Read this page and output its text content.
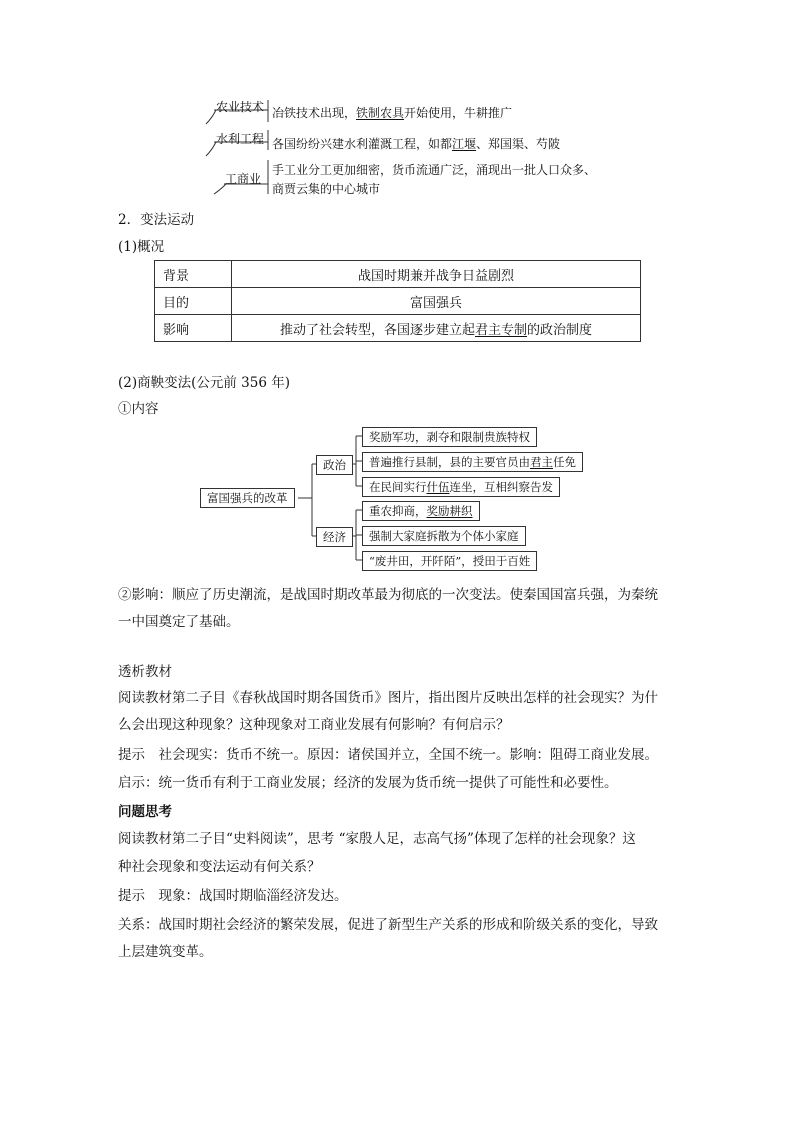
农业技术 冶铁技术出现，铁制农具开始使用，牛耕推广
水利工程 各国纷纷兴建水利灌溉工程，如都江堰、郑国渠、芍陂
工商业
手工业分工更加细密，货币流通广泛，涌现出一批人口众多、
商贾云集的中心城市
2．变法运动
(1)概况
背景	战国时期兼并战争日益剧烈
目的	富国强兵
影响	推动了社会转型，各国逐步建立起君主专制的政治制度
(2)商鞅变法(公元前 356 年)
①内容
富国强兵的改革
政治
经济
奖励军功，剥夺和限制贵族特权
普遍推行县制，县的主要官员由君主任免
在民间实行什伍连坐，互相纠察告发
重农抑商，奖励耕织
强制大家庭拆散为个体小家庭
“废井田，开阡陌”，授田于百姓
②影响：顺应了历史潮流，是战国时期改革最为彻底的一次变法。使秦国国富兵强，为秦统
一中国奠定了基础。
透析教材
阅读教材第二子目《春秋战国时期各国货币》图片，指出图片反映出怎样的社会现实？为什
么会出现这种现象？这种现象对工商业发展有何影响？有何启示？
提示　社会现实：货币不统一。原因：诸侯国并立，全国不统一。影响：阻碍工商业发展。
启示：统一货币有利于工商业发展；经济的发展为货币统一提供了可能性和必要性。
问题思考
阅读教材第二子目“史料阅读”，思考 “家殷人足，志高气扬”体现了怎样的社会现象？这
种社会现象和变法运动有何关系？
提示　现象：战国时期临淄经济发达。
关系：战国时期社会经济的繁荣发展，促进了新型生产关系的形成和阶级关系的变化，导致
上层建筑变革。
